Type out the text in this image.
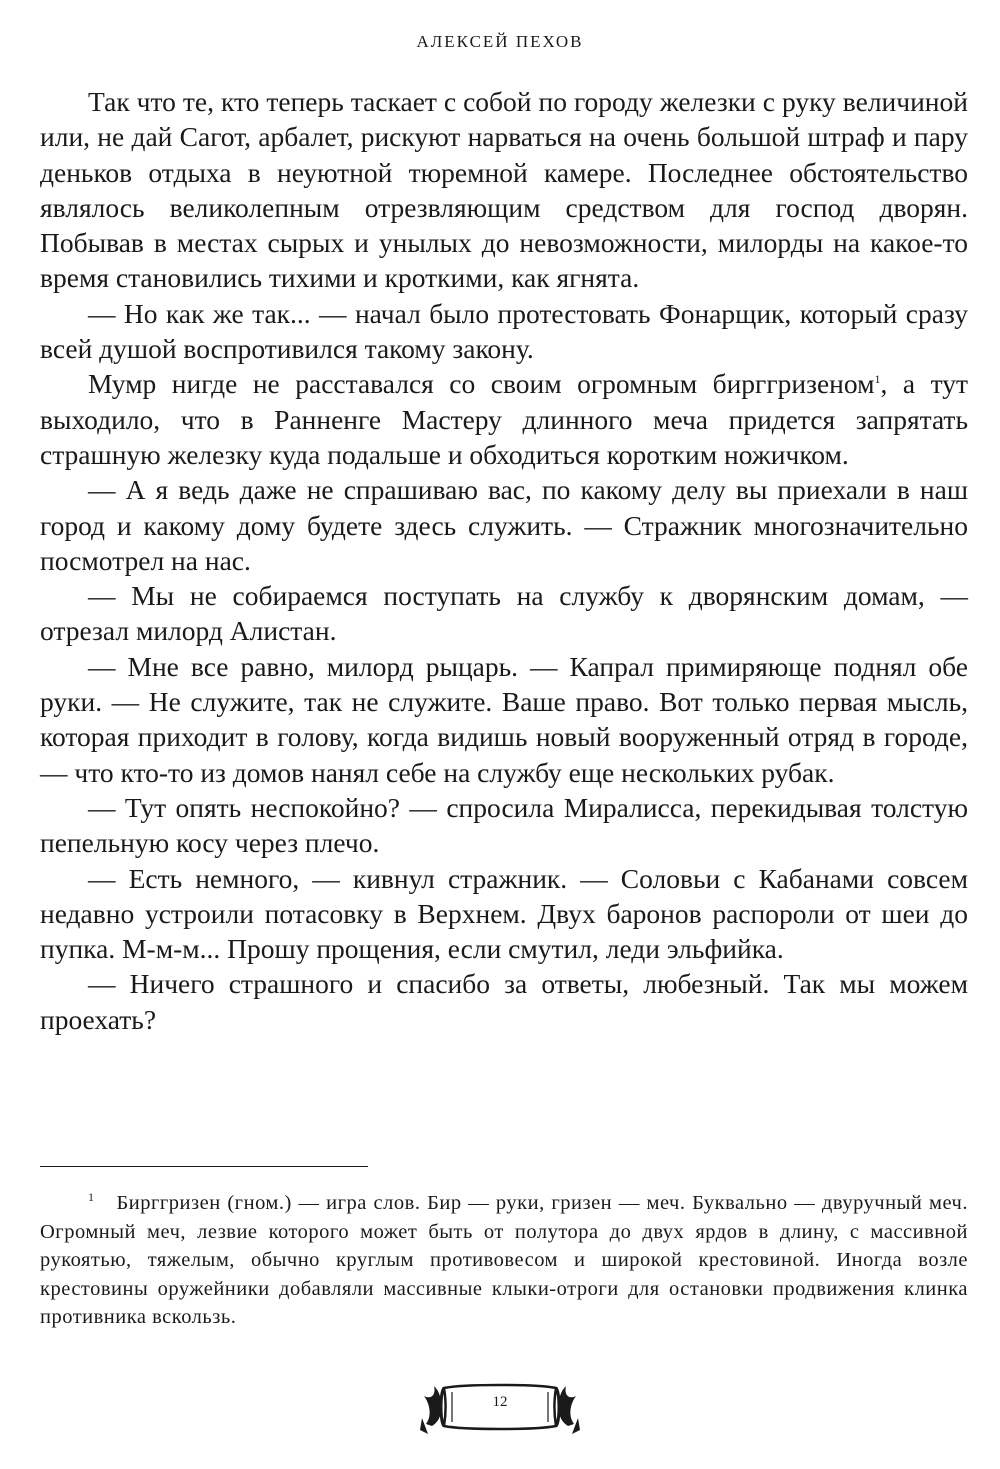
АЛЕКСЕЙ ПЕХОВ

Так что те, кто теперь таскает с собой по городу железки с руку величиной или, не дай Сагот, арбалет, рискуют нарваться на очень большой штраф и пару деньков отдыха в неуютной тюремной камере. Последнее обстоятельство являлось великолепным отрезвляющим средством для господ дворян. Побывав в местах сырых и унылых до невозможности, милорды на какое-то время становились тихими и кроткими, как ягнята.

— Но как же так... — начал было протестовать Фонарщик, который сразу всей душой воспротивился такому закону.

Мумр нигде не расставался со своим огромным бирггризеном$^1$, а тут выходило, что в Ранненге Мастеру длинного меча придется запрятать страшную железку куда подальше и обходиться коротким ножичком.

— А я ведь даже не спрашиваю вас, по какому делу вы приехали в наш город и какому дому будете здесь служить. — Стражник многозначительно посмотрел на нас.

— Мы не собираемся поступать на службу к дворянским домам, — отрезал милорд Алистан.

— Мне все равно, милорд рыцарь. — Капрал примиряюще поднял обе руки. — Не служите, так не служите. Ваше право. Вот только первая мысль, которая приходит в голову, когда видишь новый вооруженный отряд в городе, — что кто-то из домов нанял себе на службу еще нескольких рубак.

— Тут опять неспокойно? — спросила Миралисса, перекидывая толстую пепельную косу через плечо.

— Есть немного, — кивнул стражник. — Соловьи с Кабанами совсем недавно устроили потасовку в Верхнем. Двух баронов распороли от шеи до пупка. М-м-м... Прошу прощения, если смутил, леди эльфийка.

— Ничего страшного и спасибо за ответы, любезный. Так мы можем проехать?

$^1$ Бирггризен (гном.) — игра слов. Бир — руки, гризен — меч. Буквально — двуручный меч. Огромный меч, лезвие которого может быть от полутора до двух ярдов в длину, с массивной рукоятью, тяжелым, обычно круглым противовесом и широкой крестовиной. Иногда возле крестовины оружейники добавляли массивные клыки-отроги для остановки продвижения клинка противника вскользь.

12
